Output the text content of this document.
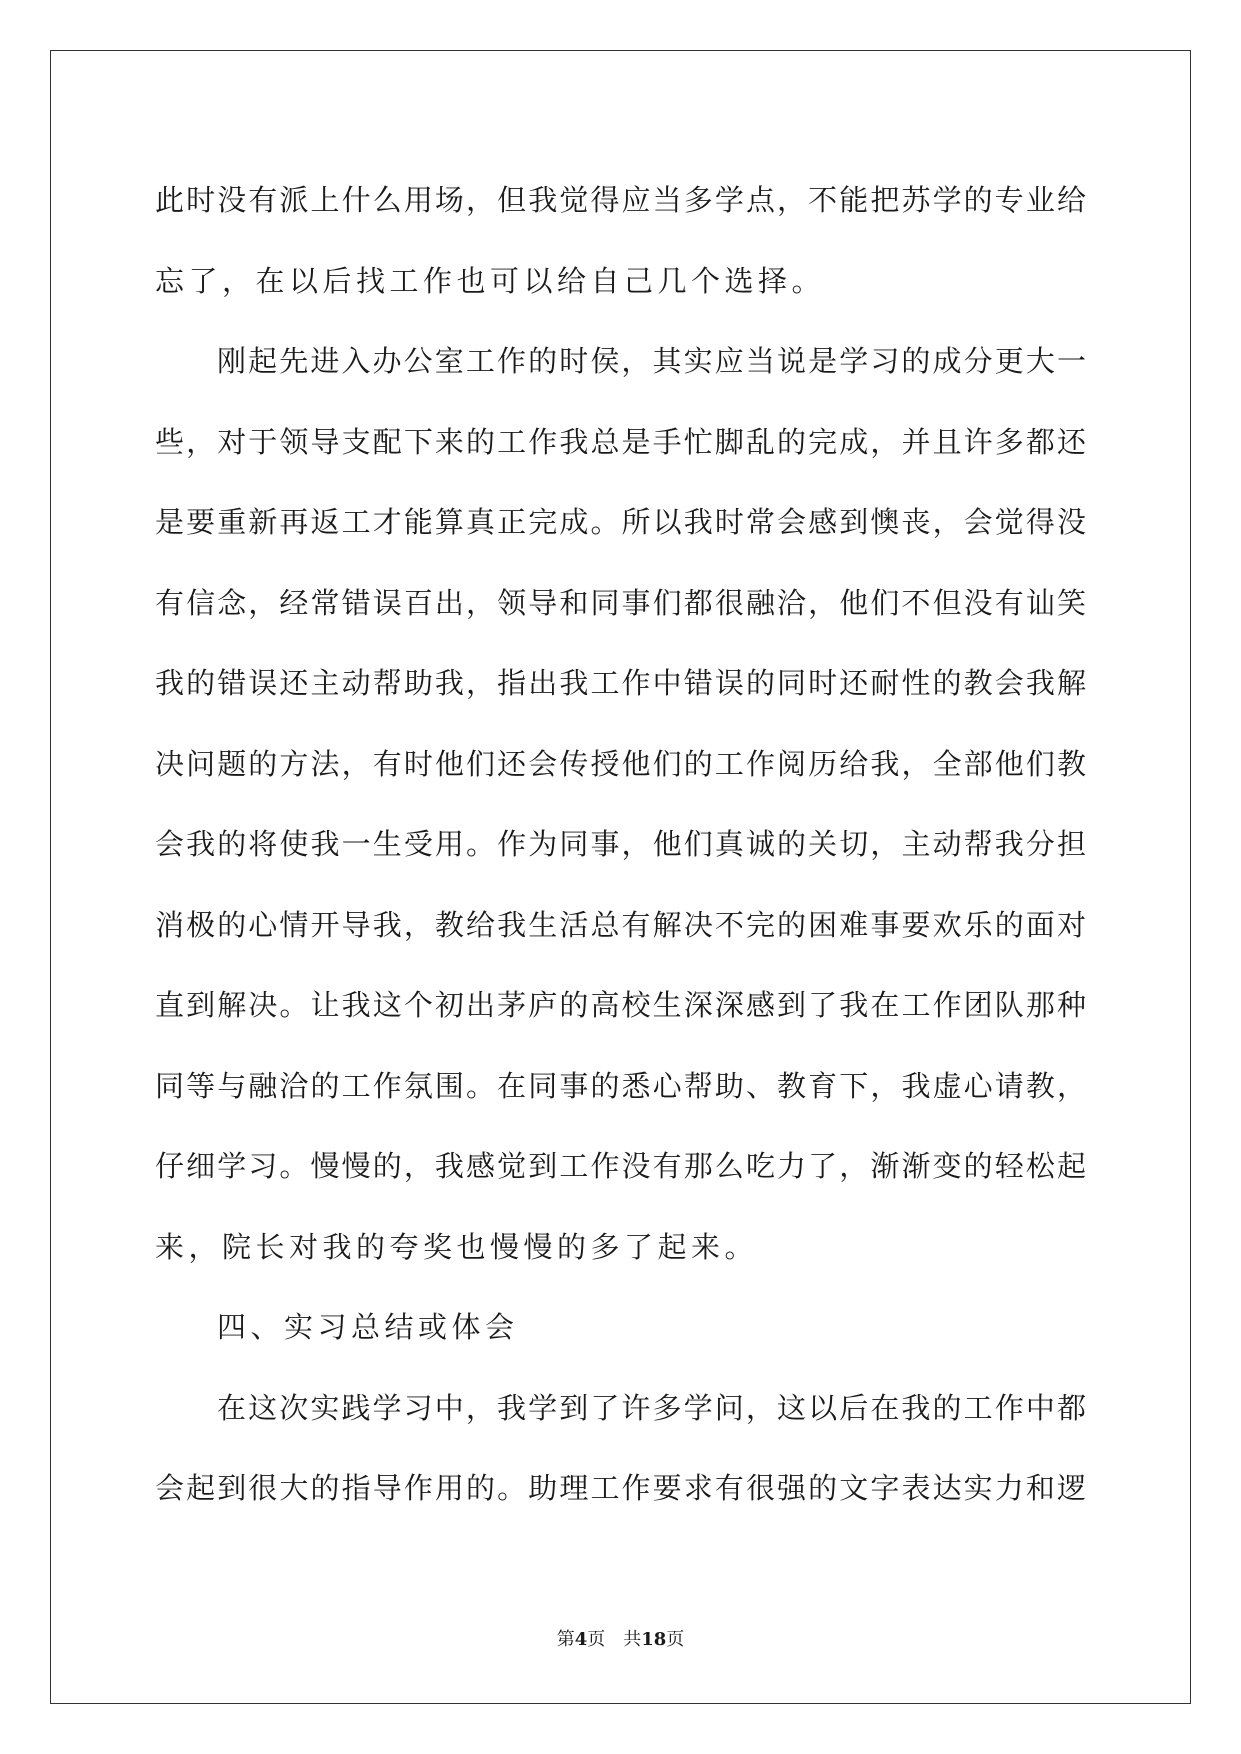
此时没有派上什么用场，但我觉得应当多学点，不能把苏学的专业给
忘了，在以后找工作也可以给自己几个选择。
刚起先进入办公室工作的时侯，其实应当说是学习的成分更大一
些，对于领导支配下来的工作我总是手忙脚乱的完成，并且许多都还
是要重新再返工才能算真正完成。所以我时常会感到懊丧，会觉得没
有信念，经常错误百出，领导和同事们都很融洽，他们不但没有讪笑
我的错误还主动帮助我，指出我工作中错误的同时还耐性的教会我解
决问题的方法，有时他们还会传授他们的工作阅历给我，全部他们教
会我的将使我一生受用。作为同事，他们真诚的关切，主动帮我分担
消极的心情开导我，教给我生活总有解决不完的困难事要欢乐的面对
直到解决。让我这个初出茅庐的高校生深深感到了我在工作团队那种
同等与融洽的工作氛围。在同事的悉心帮助、教育下，我虚心请教，
仔细学习。慢慢的，我感觉到工作没有那么吃力了，渐渐变的轻松起
来，院长对我的夸奖也慢慢的多了起来。
四、实习总结或体会
在这次实践学习中，我学到了许多学问，这以后在我的工作中都
会起到很大的指导作用的。助理工作要求有很强的文字表达实力和逻
第4页 共18页
